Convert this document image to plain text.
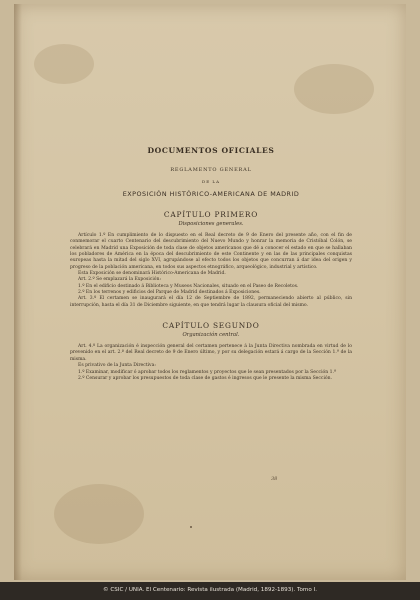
DOCUMENTOS OFICIALES
REGLAMENTO GENERAL
DE LA
EXPOSICIÓN HISTÓRICO-AMERICANA DE MADRID
CAPÍTULO PRIMERO
Disposiciones generales.

Artículo 1.º En cumplimiento de lo dispuesto en el Real decreto de 9 de Enero del presente año, con el fin de conmemorar el cuarto Centenario del descubrimiento del Nuevo Mundo y honrar la memoria de Cristóbal Colón, se celebrará en Madrid una Exposición de toda clase de objetos americanos que dé a conocer el estado en que se hallaban los pobladores de América en la época del descubrimiento de este Continente y en las de las principales conquistas europeas hasta la mitad del siglo XVI, agrupándose al efecto todos los objetos que concurran á dar idea del origen y progreso de la población americana, en todos sus aspectos etnográfico, arqueológico, industrial y artístico.

Esta Exposición se denominará Histórico-Americana de Madrid.

Art. 2.º Se emplazará la Exposición:

1.º En el edificio destinado á Biblioteca y Museos Nacionales, situado en el Paseo de Recoletos.

2.º En los terrenos y edificios del Parque de Madrid destinados á Exposiciones.

Art. 3.º El certamen se inaugurará el día 12 de Septiembre de 1892, permaneciendo abierto al público, sin interrupción, hasta el día 31 de Diciembre siguiente, en que tendrá lugar la clausura oficial del mismo.

CAPÍTULO SEGUNDO
Organización central.

Art. 4.º La organización é inspección general del certamen pertenece á la Junta Directiva nombrada en virtud de lo prevenido en el art. 2.º del Real decreto de 9 de Enero último, y por su delegación estará á cargo de la Sección 1.ª de la misma.

Es privativo de la Junta Directiva:

1.º Examinar, modificar ó aprobar todos los reglamentos y proyectos que le sean presentados por la Sección 1.ª

2.º Censurar y aprobar los presupuestos de toda clase de gastos é ingresos que le presente la misma Sección.

38
© CSIC / UNIA. El Centenario: Revista ilustrada (Madrid, 1892-1893). Tomo I.
